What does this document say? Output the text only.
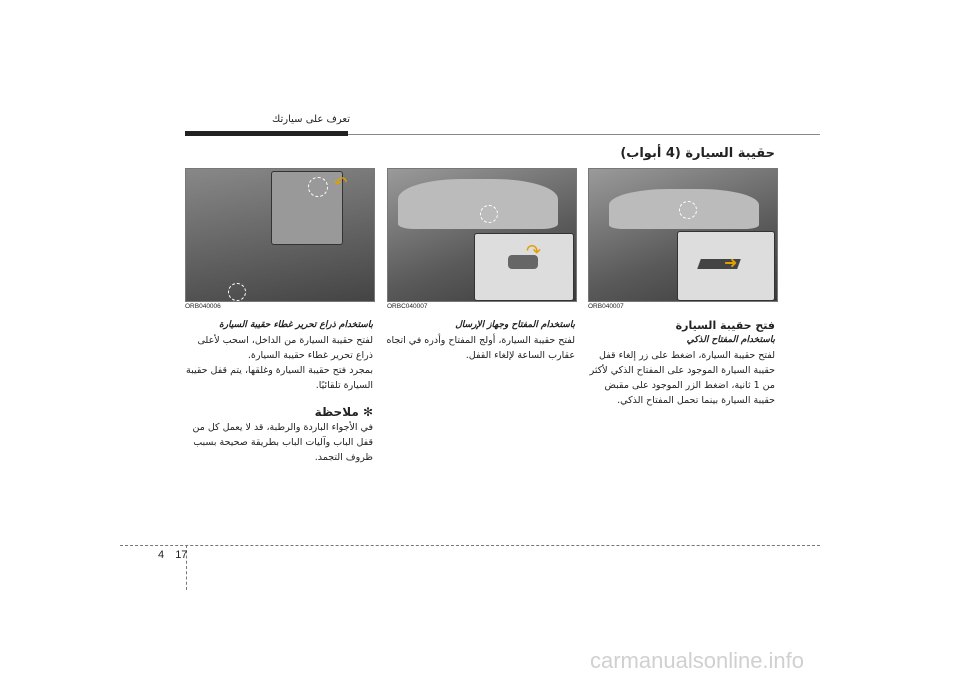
تعرف على سيارتك
حقيبة السيارة (4 أبواب)
➜
↷
↶
ORB040007
ORBC040007
ORB040006
فتح حقيبة السيارة
باستخدام المفتاح الذكي
لفتح حقيبة السيارة، اضغط على زر إلغاء قفل حقيبة السيارة الموجود على المفتاح الذكي لأكثر من 1 ثانية، اضغط الزر الموجود على مقبض حقيبة السيارة بينما تحمل المفتاح الذكي.
باستخدام المفتاح وجهاز الإرسال
لفتح حقيبة السيارة، أولج المفتاح وأدره في اتجاه عقارب الساعة لإلغاء القفل.
باستخدام ذراع تحرير غطاء حقيبة السيارة
لفتح حقيبة السيارة من الداخل، اسحب لأعلى ذراع تحرير غطاء حقيبة السيارة.
بمجرد فتح حقيبة السيارة وغلقها، يتم قفل حقيبة السيارة تلقائيًا.
✻ ملاحظة
في الأجواء الباردة والرطبة، قد لا يعمل كل من قفل الباب وآليات الباب بطريقة صحيحة بسبب ظروف التجمد.
4 17
carmanualsonline.info
